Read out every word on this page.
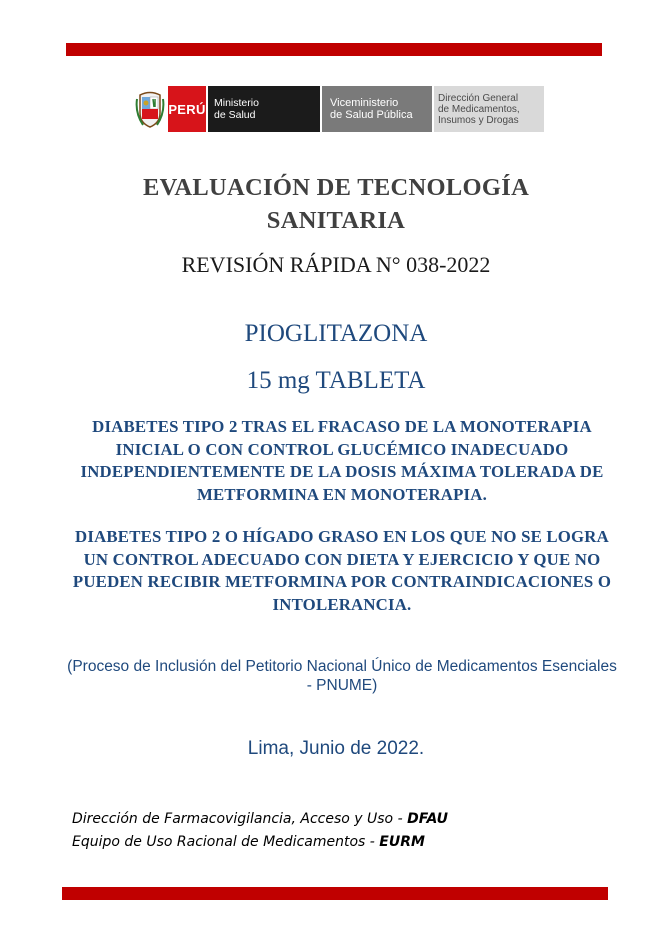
PERÚ Ministerio
de Salud
Viceministerio
de Salud Pública
Dirección General
de Medicamentos,
Insumos y Drogas
EVALUACIÓN DE TECNOLOGÍA
SANITARIA
REVISIÓN RÁPIDA N° 038-2022
PIOGLITAZONA
15 mg TABLETA
DIABETES TIPO 2 TRAS EL FRACASO DE LA MONOTERAPIA INICIAL O CON CONTROL GLUCÉMICO INADECUADO INDEPENDIENTEMENTE DE LA DOSIS MÁXIMA TOLERADA DE METFORMINA EN MONOTERAPIA.
DIABETES TIPO 2 O HÍGADO GRASO EN LOS QUE NO SE LOGRA UN CONTROL ADECUADO CON DIETA Y EJERCICIO Y QUE NO PUEDEN RECIBIR METFORMINA POR CONTRAINDICACIONES O INTOLERANCIA.
(Proceso de Inclusión del Petitorio Nacional Único de Medicamentos Esenciales - PNUME)
Lima, Junio de 2022.
Dirección de Farmacovigilancia, Acceso y Uso - DFAU
Equipo de Uso Racional de Medicamentos - EURM
